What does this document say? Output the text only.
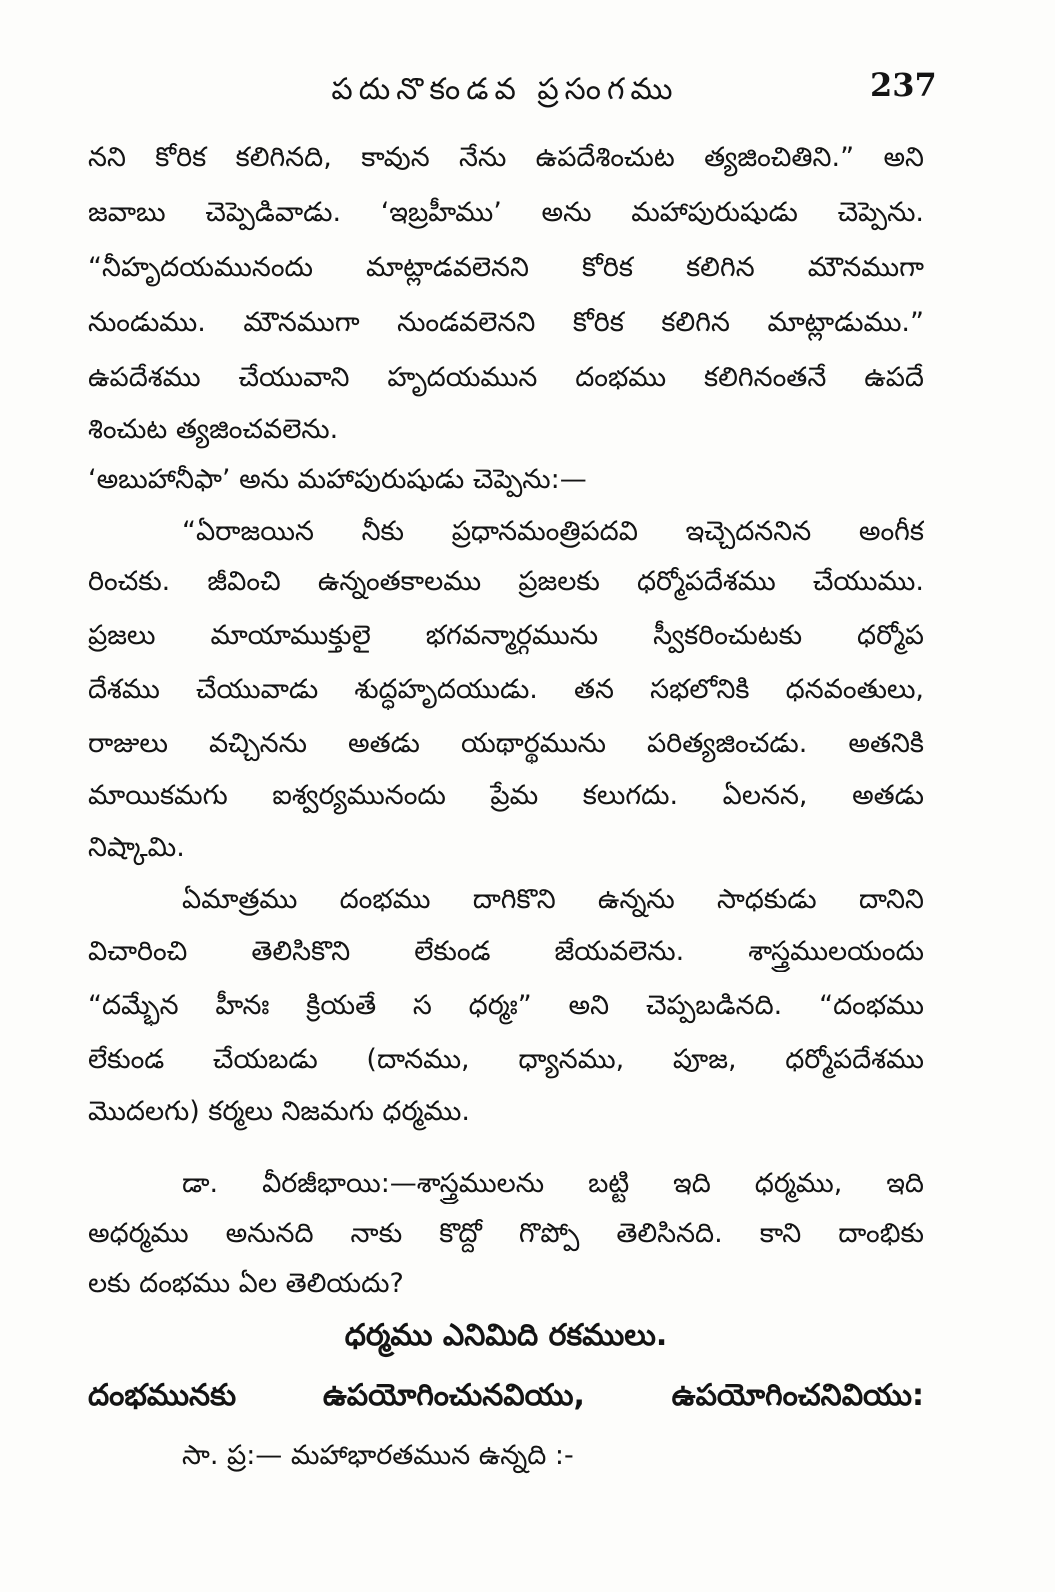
పదునొకండవ ప్రసంగము	237
నని కోరిక కలిగినది, కావున నేను ఉపదేశించుట త్యజించితిని.” అని
జవాబు చెప్పెడివాడు. ‘ఇబ్రహీము’ అను మహాపురుషుడు చెప్పెను.
“నీహృదయమునందు మాట్లాడవలెనని కోరిక కలిగిన మౌనముగా
నుండుము. మౌనముగా నుండవలెనని కోరిక కలిగిన మాట్లాడుము.”
ఉపదేశము చేయువాని హృదయమున దంభము కలిగినంతనే ఉపదే
శించుట త్యజించవలెను.
‘అబుహానీఫా’ అను మహాపురుషుడు చెప్పెను:—
“ఏరాజయిన నీకు ప్రధానమంత్రిపదవి ఇచ్చెదననిన అంగీక
రించకు. జీవించి ఉన్నంతకాలము ప్రజలకు ధర్మోపదేశము చేయుము.
ప్రజలు మాయాముక్తులై భగవన్మార్గమును స్వీకరించుటకు ధర్మోప
దేశము చేయువాడు శుద్ధహృదయుడు. తన సభలోనికి ధనవంతులు,
రాజులు వచ్చినను అతడు యథార్థమును పరిత్యజించడు. అతనికి
మాయికమగు ఐశ్వర్యమునందు ప్రేమ కలుగదు. ఏలనన, అతడు
నిష్కామి.
ఏమాత్రము దంభము దాగికొని ఉన్నను సాధకుడు దానిని
విచారించి తెలిసికొని లేకుండ జేయవలెను. శాస్త్రములయందు
“దమ్భేన హీనః క్రియతే స ధర్మః” అని చెప్పబడినది. “దంభము
లేకుండ చేయబడు (దానము, ధ్యానము, పూజ, ధర్మోపదేశము
మొదలగు) కర్మలు నిజమగు ధర్మము.
డా. వీరజీభాయి:—శాస్త్రములను బట్టి ఇది ధర్మము, ఇది
అధర్మము అనునది నాకు కొద్దో గొప్పో తెలిసినది. కాని దాంభికు
లకు దంభము ఏల తెలియదు?
ధర్మము ఎనిమిది రకములు.
దంభమునకు ఉపయోగించునవియు, ఉపయోగించనివియు:
సా. ప్ర:— మహాభారతమున ఉన్నది :-
